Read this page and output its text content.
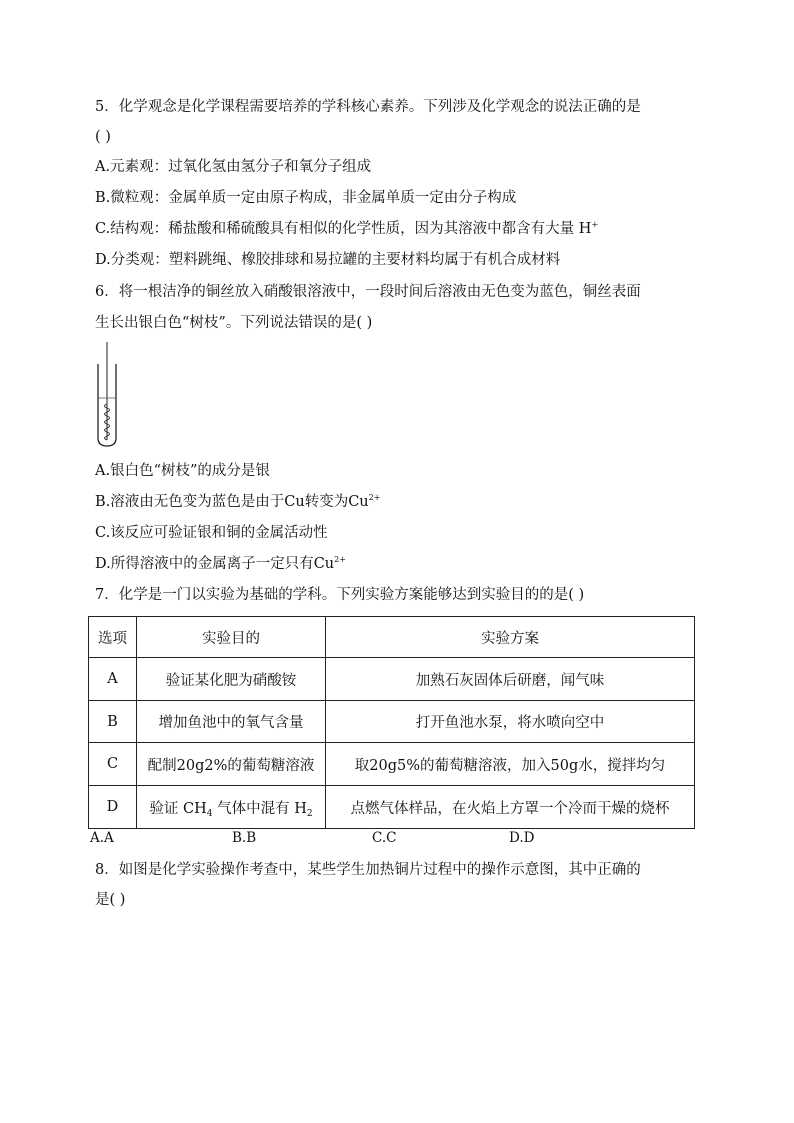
5．化学观念是化学课程需要培养的学科核心素养。下列涉及化学观念的说法正确的是
( )
A.元素观：过氧化氢由氢分子和氧分子组成
B.微粒观：金属单质一定由原子构成，非金属单质一定由分子构成
C.结构观：稀盐酸和稀硫酸具有相似的化学性质，因为其溶液中都含有大量 H+
D.分类观：塑料跳绳、橡胶排球和易拉罐的主要材料均属于有机合成材料
6．将一根洁净的铜丝放入硝酸银溶液中，一段时间后溶液由无色变为蓝色，铜丝表面
生长出银白色“树枝”。下列说法错误的是( )
A.银白色“树枝”的成分是银
B.溶液由无色变为蓝色是由于Cu转变为$Cu^{2+}$
C.该反应可验证银和铜的金属活动性
D.所得溶液中的金属离子一定只有$Cu^{2+}$
7．化学是一门以实验为基础的学科。下列实验方案能够达到实验目的的是( )
选项	实验目的	实验方案
A	验证某化肥为硝酸铵	加熟石灰固体后研磨，闻气味
B	增加鱼池中的氧气含量	打开鱼池水泵，将水喷向空中
C	配制20g2%的葡萄糖溶液	取20g5%的葡萄糖溶液，加入50g水，搅拌均匀
D	验证 $CH_4$ 气体中混有 $H_2$	点燃气体样品，在火焰上方罩一个冷而干燥的烧杯
A.A	B.B	C.C	D.D
8．如图是化学实验操作考查中，某些学生加热铜片过程中的操作示意图，其中正确的
是( )
